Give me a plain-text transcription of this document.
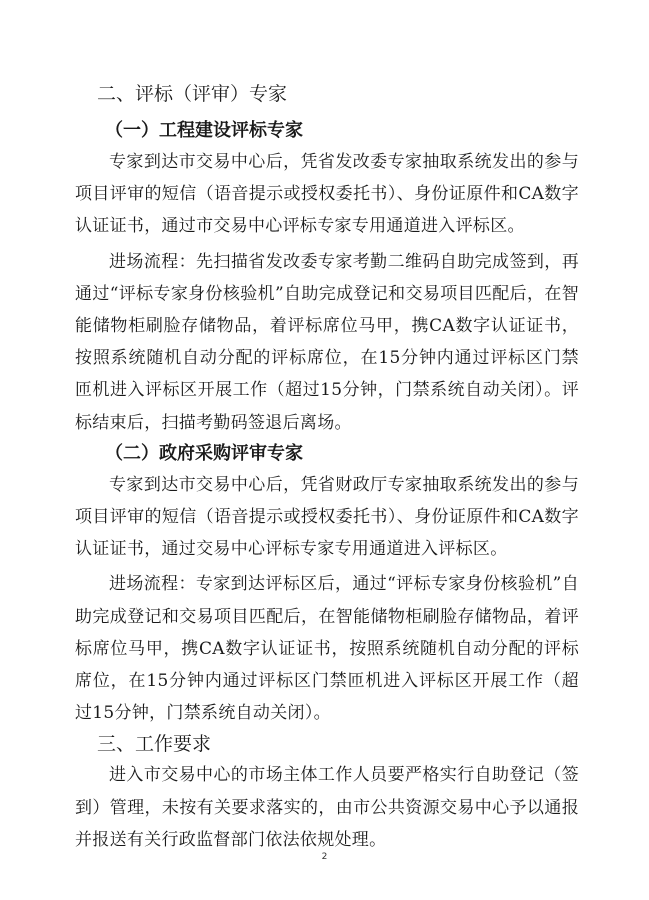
二、评标（评审）专家
（一）工程建设评标专家

专家到达市交易中心后，凭省发改委专家抽取系统发出的参与项目评审的短信（语音提示或授权委托书）、身份证原件和CA数字认证证书，通过市交易中心评标专家专用通道进入评标区。

进场流程：先扫描省发改委专家考勤二维码自助完成签到，再通过“评标专家身份核验机”自助完成登记和交易项目匹配后，在智能储物柜刷脸存储物品，着评标席位马甲，携CA数字认证证书，按照系统随机自动分配的评标席位，在15分钟内通过评标区门禁匝机进入评标区开展工作（超过15分钟，门禁系统自动关闭）。评标结束后，扫描考勤码签退后离场。

（二）政府采购评审专家

专家到达市交易中心后，凭省财政厅专家抽取系统发出的参与项目评审的短信（语音提示或授权委托书）、身份证原件和CA数字认证证书，通过交易中心评标专家专用通道进入评标区。

进场流程：专家到达评标区后，通过“评标专家身份核验机”自助完成登记和交易项目匹配后，在智能储物柜刷脸存储物品，着评标席位马甲，携CA数字认证证书，按照系统随机自动分配的评标席位，在15分钟内通过评标区门禁匝机进入评标区开展工作（超过15分钟，门禁系统自动关闭）。

三、工作要求

进入市交易中心的市场主体工作人员要严格实行自助登记（签到）管理，未按有关要求落实的，由市公共资源交易中心予以通报并报送有关行政监督部门依法依规处理。

2
